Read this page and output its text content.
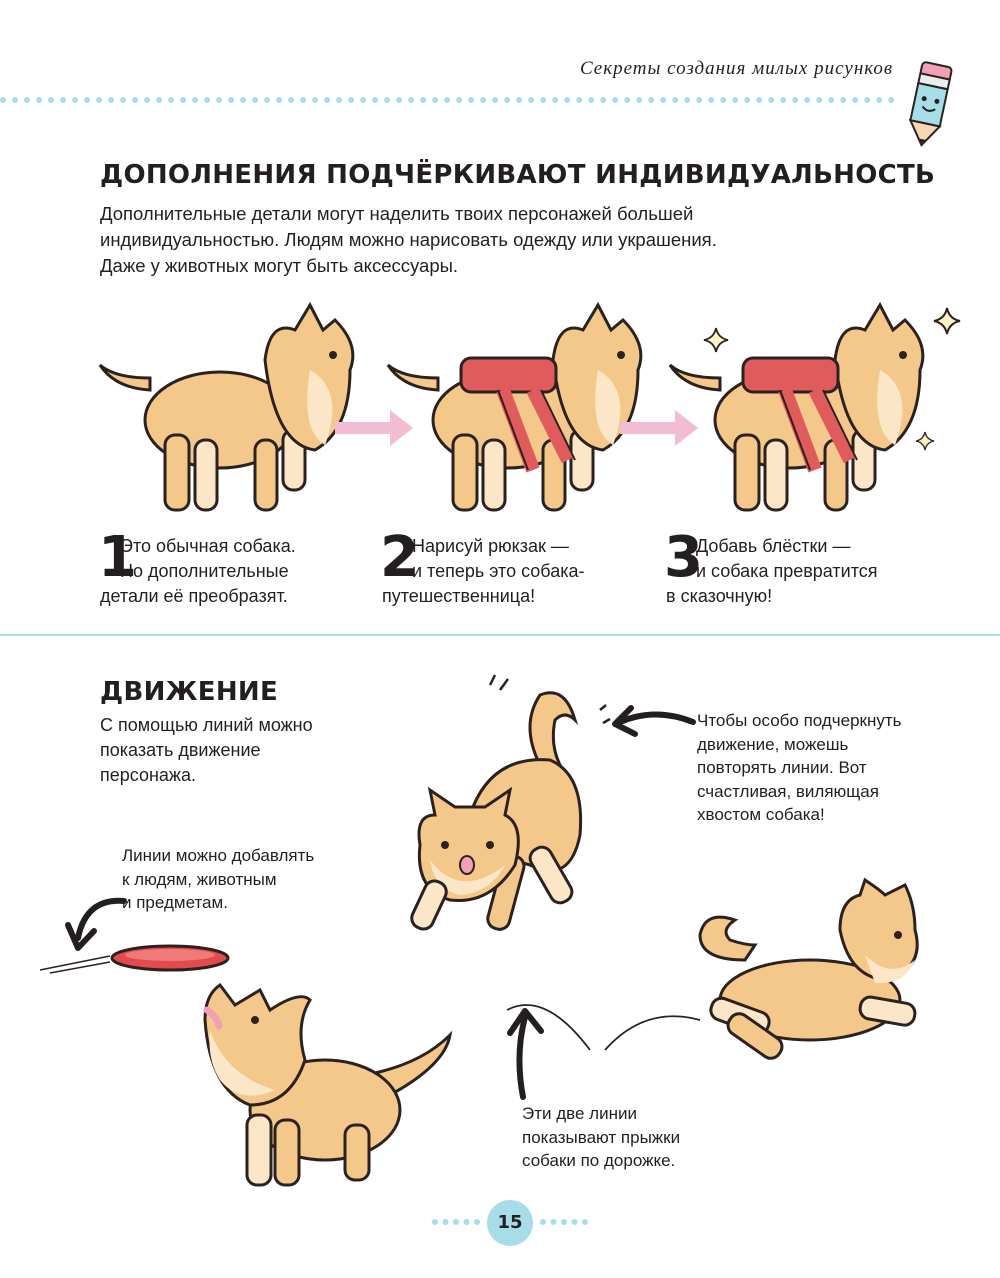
Секреты создания милых рисунков
ДОПОЛНЕНИЯ ПОДЧЁРКИВАЮТ ИНДИВИДУАЛЬНОСТЬ
Дополнительные детали могут наделить твоих персонажей большей
индивидуальностью. Людям можно нарисовать одежду или украшения.
Даже у животных могут быть аксессуары.
1
Это обычная собака.
Но дополнительные
детали её преобразят.
2
Нарисуй рюкзак —
и теперь это собака-
путешественница!
3
Добавь блёстки —
и собака превратится
в сказочную!
ДВИЖЕНИЕ
С помощью линий можно
показать движение
персонажа.
Чтобы особо подчеркнуть
движение, можешь
повторять линии. Вот
счастливая, виляющая
хвостом собака!
Линии можно добавлять
к людям, животным
и предметам.
Эти две линии
показывают прыжки
собаки по дорожке.
15
